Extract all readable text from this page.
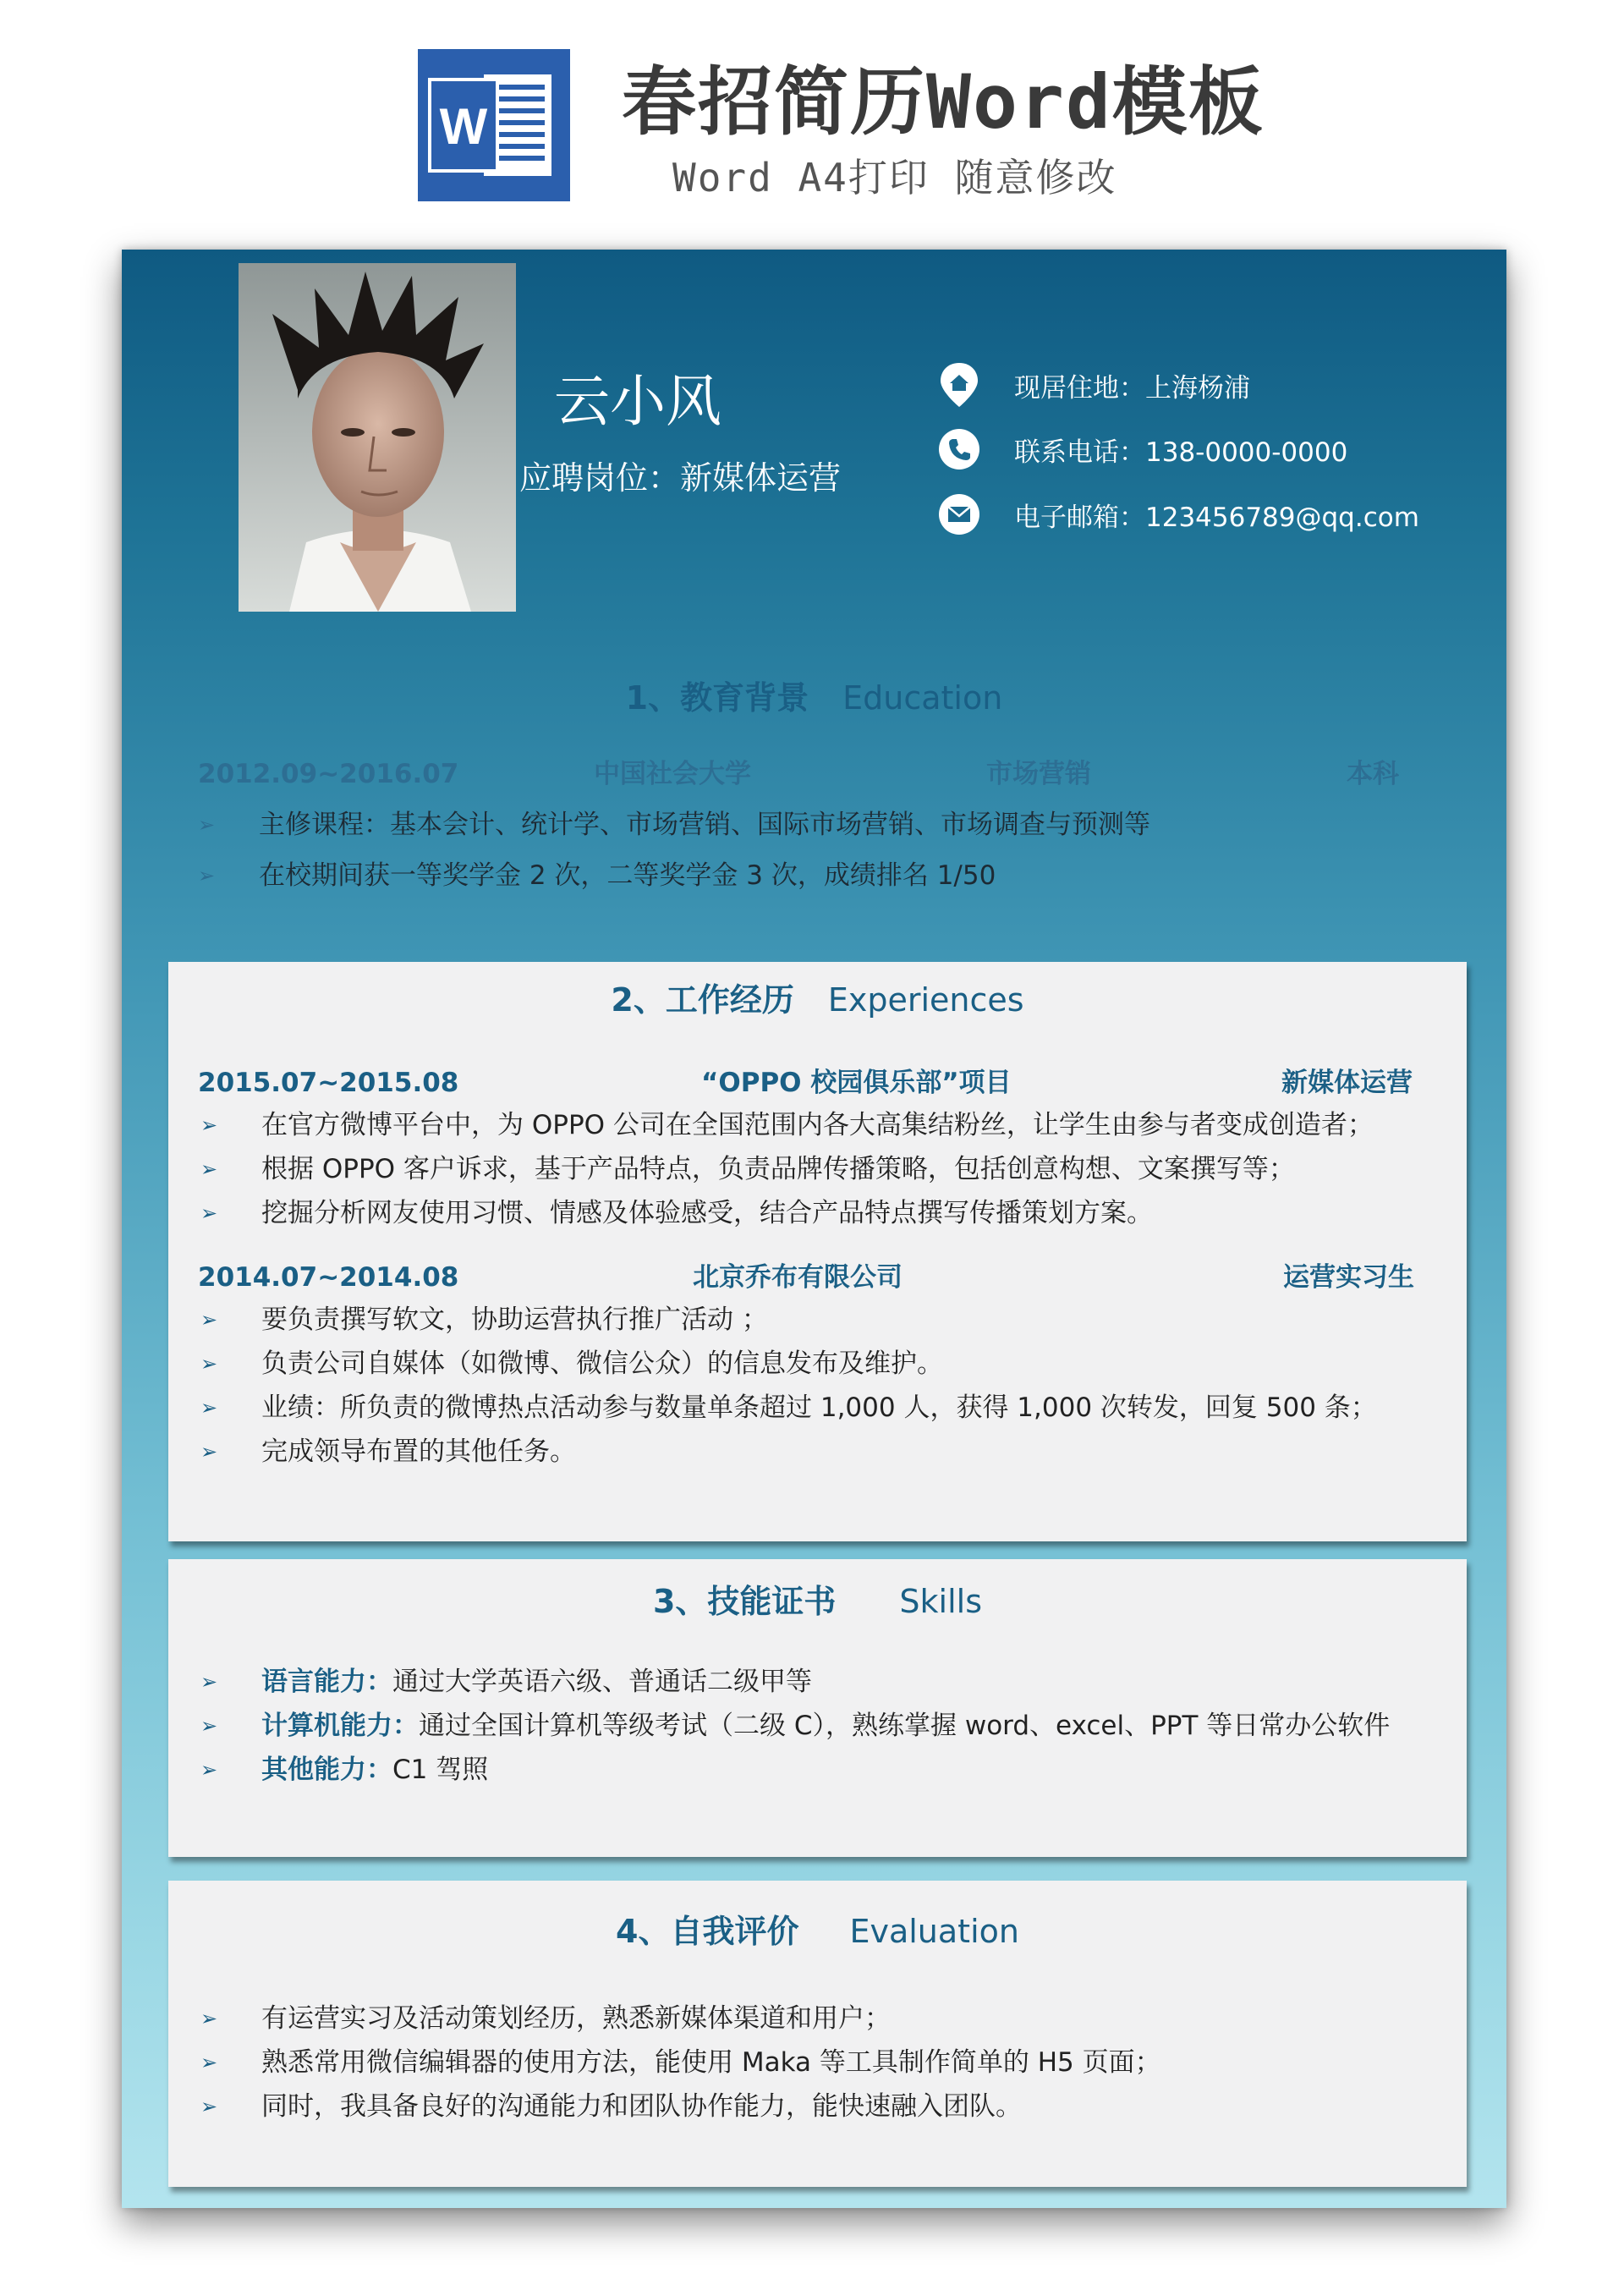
W 春招简历Word模板
Word A4打印 随意修改
云小风
应聘岗位：新媒体运营
现居住地：上海杨浦
联系电话：138-0000-0000
电子邮箱：123456789@qq.com
1、教育背景 Education
2012.09~2016.07	中国社会大学	市场营销	本科
➢	主修课程：基本会计、统计学、市场营销、国际市场营销、市场调查与预测等
➢	在校期间获一等奖学金 2 次，二等奖学金 3 次，成绩排名 1/50
2、工作经历 Experiences
2015.07~2015.08	“OPPO 校园俱乐部”项目	新媒体运营
➢	在官方微博平台中，为 OPPO 公司在全国范围内各大高集结粉丝，让学生由参与者变成创造者；
➢	根据 OPPO 客户诉求，基于产品特点，负责品牌传播策略，包括创意构想、文案撰写等；
➢	挖掘分析网友使用习惯、情感及体验感受，结合产品特点撰写传播策划方案。
2014.07~2014.08	北京乔布有限公司	运营实习生
➢	要负责撰写软文，协助运营执行推广活动 ；
➢	负责公司自媒体（如微博、微信公众）的信息发布及维护。
➢	业绩：所负责的微博热点活动参与数量单条超过 1,000 人，获得 1,000 次转发，回复 500 条；
➢	完成领导布置的其他任务。
3、技能证书 Skills
➢	语言能力：通过大学英语六级、普通话二级甲等
➢	计算机能力：通过全国计算机等级考试（二级 C），熟练掌握 word、excel、PPT 等日常办公软件
➢	其他能力：C1 驾照
4、自我评价 Evaluation
➢	有运营实习及活动策划经历，熟悉新媒体渠道和用户；
➢	熟悉常用微信编辑器的使用方法，能使用 Maka 等工具制作简单的 H5 页面；
➢	同时，我具备良好的沟通能力和团队协作能力，能快速融入团队。
